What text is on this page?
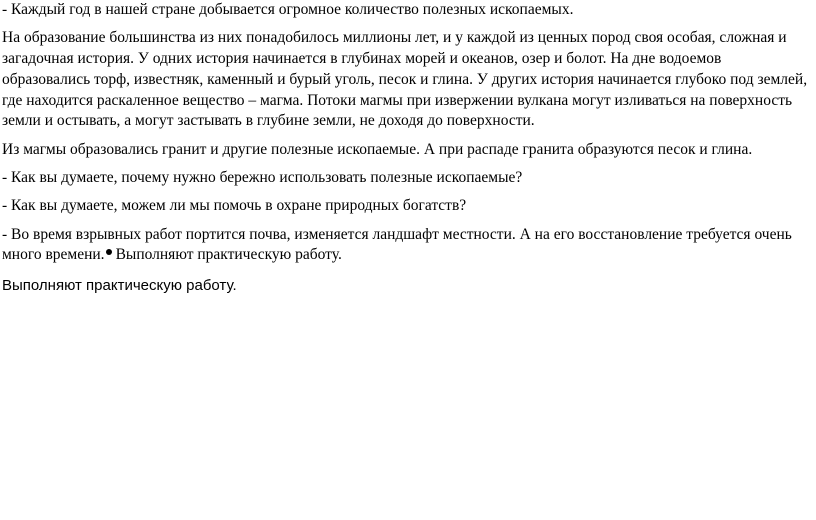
- Каждый год в нашей стране добывается огромное количество полезных ископаемых.

На образование большинства из них понадобилось миллионы лет, и у каждой из ценных пород своя особая, сложная и загадочная история. У одних история начинается в глубинах морей и океанов, озер и болот. На дне водоемов образовались торф, известняк, каменный и бурый уголь, песок и глина. У других история начинается глубоко под землей, где находится раскаленное вещество – магма. Потоки магмы при извержении вулкана могут изливаться на поверхность земли и остывать, а могут застывать в глубине земли, не доходя до поверхности.

Из магмы образовались гранит и другие полезные ископаемые. А при распаде гранита образуются песок и глина.

- Как вы думаете, почему нужно бережно использовать полезные ископаемые?

- Как вы думаете, можем ли мы помочь в охране природных богатств?

- Во время взрывных работ портится почва, изменяется ландшафт местности. А на его восстановление требуется очень много времени. Выполняют практическую работу.

Выполняют практическую работу.
